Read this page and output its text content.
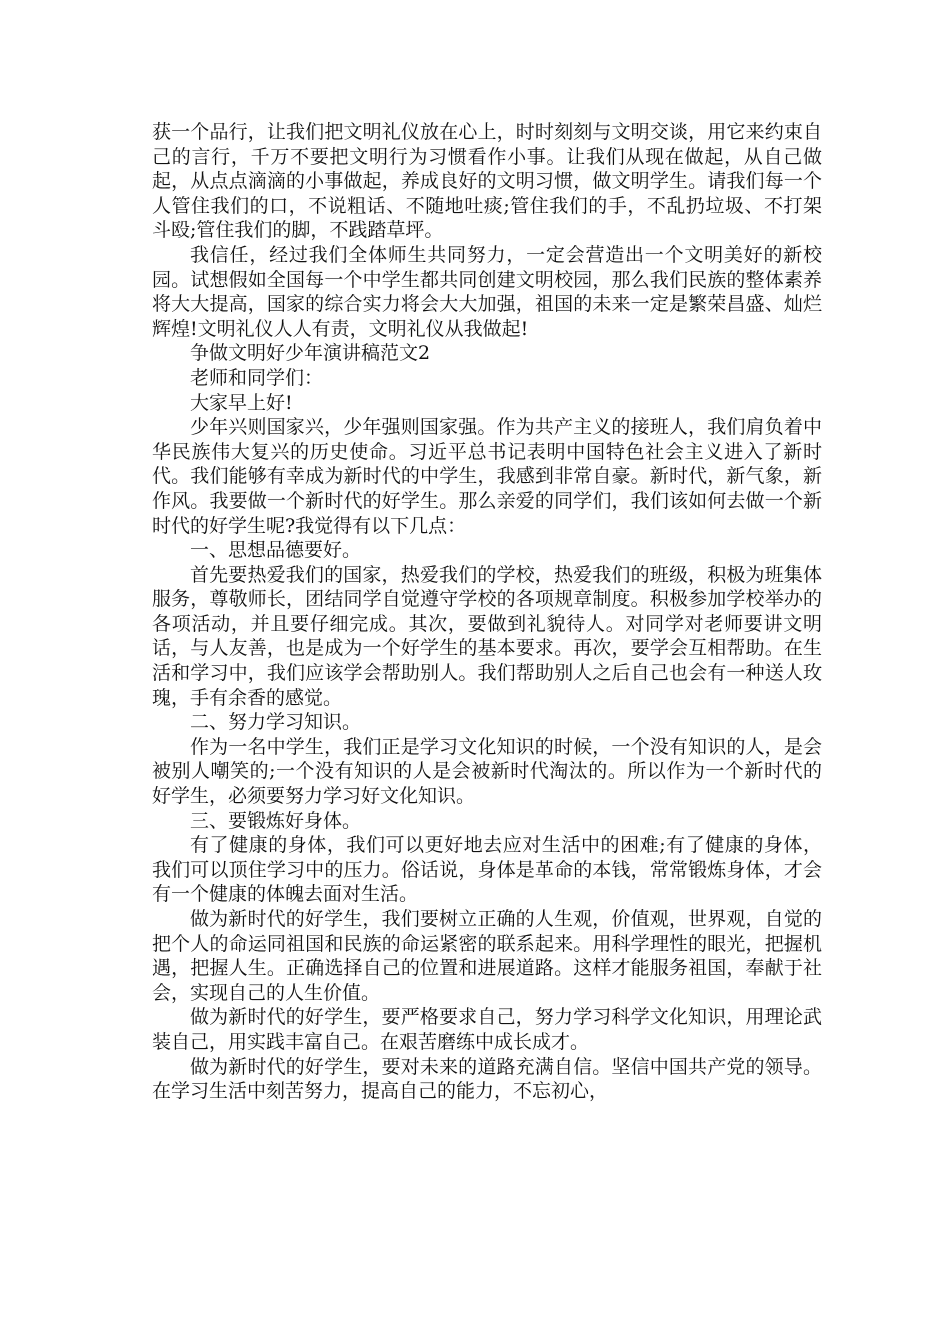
获一个品行，让我们把文明礼仪放在心上，时时刻刻与文明交谈，用它来约束自己的言行，千万不要把文明行为习惯看作小事。让我们从现在做起，从自己做起，从点点滴滴的小事做起，养成良好的文明习惯，做文明学生。请我们每一个人管住我们的口，不说粗话、不随地吐痰;管住我们的手，不乱扔垃圾、不打架斗殴;管住我们的脚，不践踏草坪。

我信任，经过我们全体师生共同努力，一定会营造出一个文明美好的新校园。试想假如全国每一个中学生都共同创建文明校园，那么我们民族的整体素养将大大提高，国家的综合实力将会大大加强，祖国的未来一定是繁荣昌盛、灿烂辉煌!文明礼仪人人有责，文明礼仪从我做起!

争做文明好少年演讲稿范文2

老师和同学们：

大家早上好!

少年兴则国家兴，少年强则国家强。作为共产主义的接班人，我们肩负着中华民族伟大复兴的历史使命。习近平总书记表明中国特色社会主义进入了新时代。我们能够有幸成为新时代的中学生，我感到非常自豪。新时代，新气象，新作风。我要做一个新时代的好学生。那么亲爱的同学们，我们该如何去做一个新时代的好学生呢?我觉得有以下几点：

一、思想品德要好。

首先要热爱我们的国家，热爱我们的学校，热爱我们的班级，积极为班集体服务，尊敬师长，团结同学自觉遵守学校的各项规章制度。积极参加学校举办的各项活动，并且要仔细完成。其次，要做到礼貌待人。对同学对老师要讲文明话，与人友善，也是成为一个好学生的基本要求。再次，要学会互相帮助。在生活和学习中，我们应该学会帮助别人。我们帮助别人之后自己也会有一种送人玫瑰，手有余香的感觉。

二、努力学习知识。

作为一名中学生，我们正是学习文化知识的时候，一个没有知识的人，是会被别人嘲笑的;一个没有知识的人是会被新时代淘汰的。所以作为一个新时代的好学生，必须要努力学习好文化知识。

三、要锻炼好身体。

有了健康的身体，我们可以更好地去应对生活中的困难;有了健康的身体，我们可以顶住学习中的压力。俗话说，身体是革命的本钱，常常锻炼身体，才会有一个健康的体魄去面对生活。

做为新时代的好学生，我们要树立正确的人生观，价值观，世界观，自觉的把个人的命运同祖国和民族的命运紧密的联系起来。用科学理性的眼光，把握机遇，把握人生。正确选择自己的位置和进展道路。这样才能服务祖国，奉献于社会，实现自己的人生价值。

做为新时代的好学生，要严格要求自己，努力学习科学文化知识，用理论武装自己，用实践丰富自己。在艰苦磨练中成长成才。

做为新时代的好学生，要对未来的道路充满自信。坚信中国共产党的领导。在学习生活中刻苦努力，提高自己的能力，不忘初心，
